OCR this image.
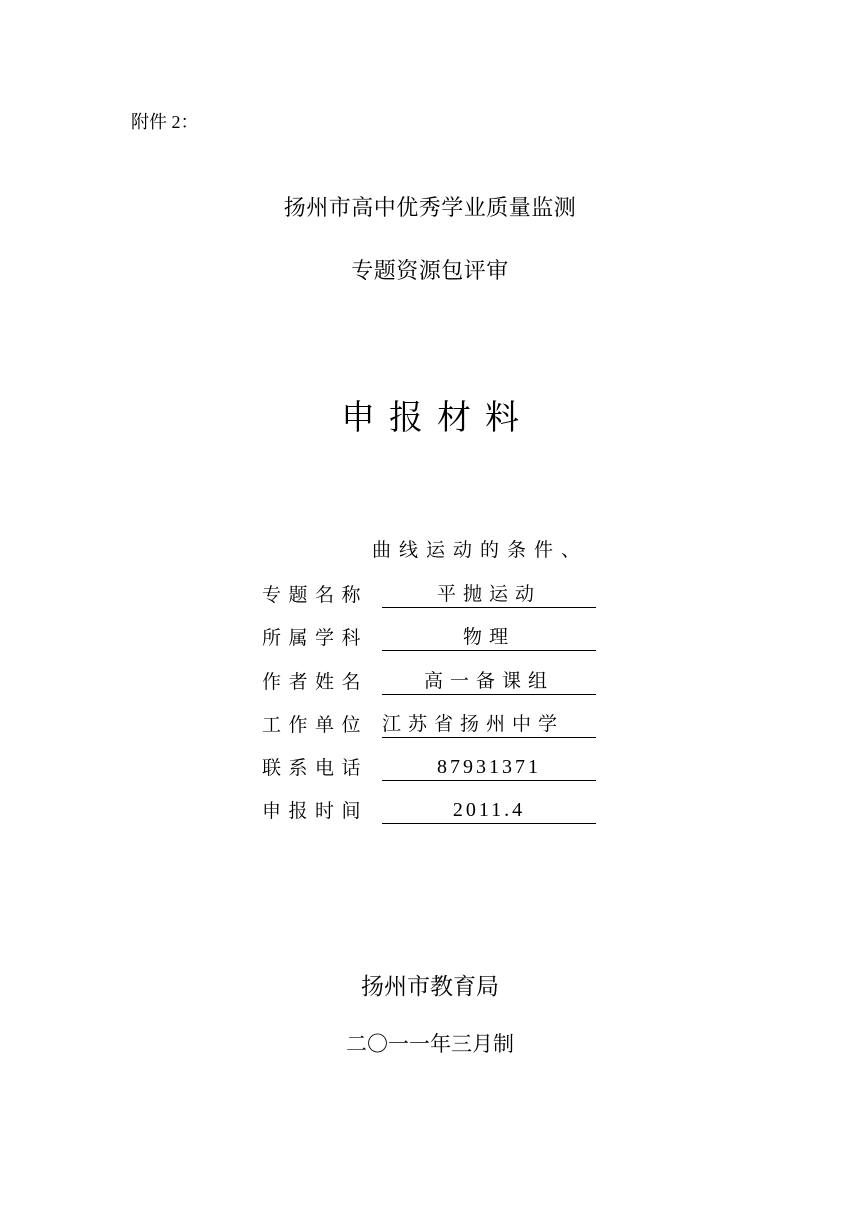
附件 2：
扬州市高中优秀学业质量监测
专题资源包评审
申报材料
曲线运动的条件、
专题名称	平抛运动
所属学科	物理
作者姓名	高一备课组
工作单位 江苏省扬州中学
联系电话	87931371
申报时间	2011.4
扬州市教育局
二〇一一年三月制
